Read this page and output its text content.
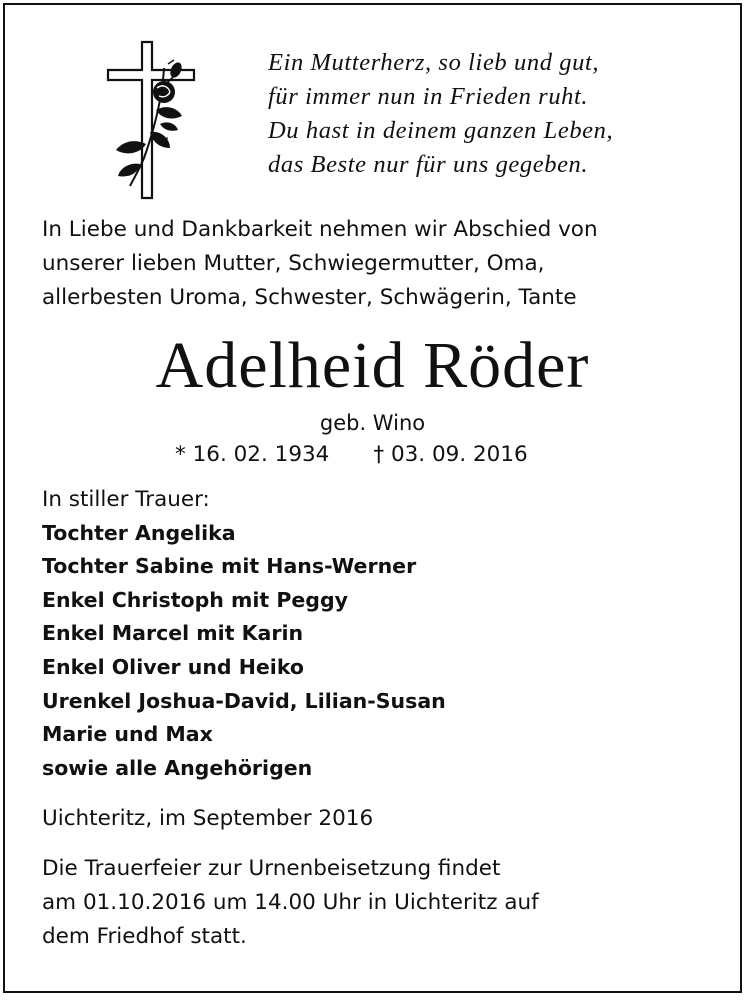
Ein Mutterherz, so lieb und gut,
für immer nun in Frieden ruht.
Du hast in deinem ganzen Leben,
das Beste nur für uns gegeben.
In Liebe und Dankbarkeit nehmen wir Abschied von
unserer lieben Mutter, Schwiegermutter, Oma,
allerbesten Uroma, Schwester, Schwägerin, Tante
Adelheid Röder
geb. Wino
* 16. 02. 1934 † 03. 09. 2016
In stiller Trauer:
Tochter Angelika
Tochter Sabine mit Hans-Werner
Enkel Christoph mit Peggy
Enkel Marcel mit Karin
Enkel Oliver und Heiko
Urenkel Joshua-David, Lilian-Susan
Marie und Max
sowie alle Angehörigen
Uichteritz, im September 2016
Die Trauerfeier zur Urnenbeisetzung findet
am 01.10.2016 um 14.00 Uhr in Uichteritz auf
dem Friedhof statt.
